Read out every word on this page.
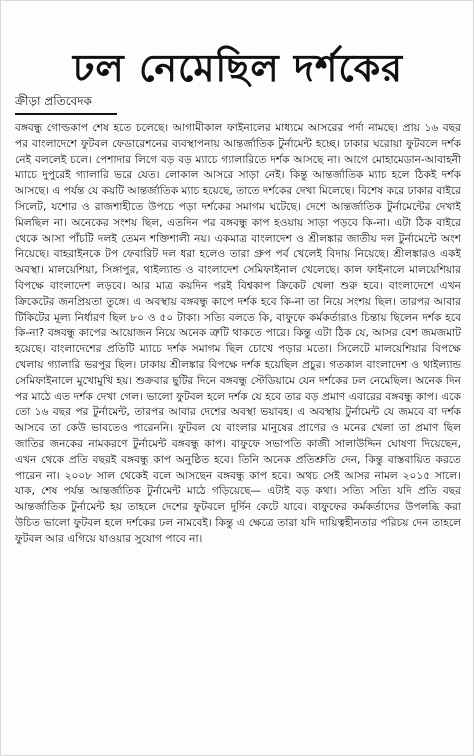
ঢল নেমেছিল দর্শকের
ক্রীড়া প্রতিবেদক

বঙ্গবন্ধু গোল্ডকাপ শেষ হতে চলেছে। আগামীকাল ফাইনালের মাধ্যমে আসরের পর্দা নামছে। প্রায় ১৬ বছর পর বাংলাদেশে ফুটবল ফেডারেশনের ব্যবস্থাপনায় আন্তর্জাতিক টুর্নামেন্ট হচ্ছে। ঢাকার ঘরোয়া ফুটবলে দর্শক নেই বললেই চলে। পেশাদার লিগে বড় বড় ম্যাচে গ্যালারিতে দর্শক আসছে না। আগে মোহামেডান-আবাহনী ম্যাচে দুপুরেই গ্যালারি ভরে যেত। লোকাল আসরে সাড়া নেই। কিন্তু আন্তর্জাতিক ম্যাচ হলে ঠিকই দর্শক আসছে। এ পর্যন্ত যে কয়টি আন্তর্জাতিক ম্যাচ হয়েছে, তাতে দর্শকের দেখা মিলেছে। বিশেষ করে ঢাকার বাইরে সিলেট, যশোর ও রাজশাহীতে উপচে পড়া দর্শকের সমাগম ঘটেছে। দেশে আন্তর্জাতিক টুর্নামেন্টের দেখাই মিলছিল না। অনেকের সংশয় ছিল, এতদিন পর বঙ্গবন্ধু কাপ হওয়ায় সাড়া পড়বে কি-না। এটা ঠিক বাইরে থেকে আসা পাঁচটি দলই তেমন শক্তিশালী নয়। একমাত্র বাংলাদেশ ও শ্রীলঙ্কার জাতীয় দল টুর্নামেন্টে অংশ নিয়েছে। বাহরাইনকে টপ ফেবারিট দল ধরা হলেও তারা গ্রুপ পর্ব খেলেই বিদায় নিয়েছে। শ্রীলঙ্কারও একই অবস্থা। মালয়েশিয়া, সিঙ্গাপুর, থাইল্যান্ড ও বাংলাদেশ সেমিফাইনাল খেলেছে। কাল ফাইনালে মালয়েশিয়ার বিপক্ষে বাংলাদেশ লড়বে। আর মাত্র কয়দিন পরই বিশ্বকাপ ক্রিকেট খেলা শুরু হবে। বাংলাদেশে এখন ক্রিকেটের জনপ্রিয়তা তুঙ্গে। এ অবস্থায় বঙ্গবন্ধু কাপে দর্শক হবে কি-না তা নিয়ে সংশয় ছিল। তারপর আবার টিকিটের মূল্য নির্ধারণ ছিল ৮০ ও ৫০ টাকা। সত্যি বলতে কি, বাফুফে কর্মকর্তারাও চিন্তায় ছিলেন দর্শক হবে কি-না? বঙ্গবন্ধু কাপের আয়োজন নিয়ে অনেক ত্রুটি থাকতে পারে। কিন্তু এটা ঠিক যে, আসর বেশ জমজমাট হয়েছে। বাংলাদেশের প্রতিটি ম্যাচে দর্শক সমাগম ছিল চোখে পড়ার মতো। সিলেটে মালয়েশিয়ার বিপক্ষে খেলায় গ্যালারি ভরপুর ছিল। ঢাকায় শ্রীলঙ্কার বিপক্ষে দর্শক হয়েছিল প্রচুর। গতকাল বাংলাদেশ ও থাইল্যান্ড সেমিফাইনালে মুখোমুখি হয়। শুক্রবার ছুটির দিনে বঙ্গবন্ধু স্টেডিয়ামে যেন দর্শকের ঢল নেমেছিল। অনেক দিন পর মাঠে এত দর্শক দেখা গেল। ভালো ফুটবল হলে দর্শক যে হবে তার বড় প্রমাণ এবারের বঙ্গবন্ধু কাপ। একে তো ১৬ বছর পর টুর্নামেন্ট, তারপর আবার দেশের অবস্থা ভয়াবহ। এ অবস্থায় টুর্নামেন্ট যে জমবে বা দর্শক আসবে তা কেউ ভাবতেও পারেননি। ফুটবল যে বাংলার মানুষের প্রাণের ও মনের খেলা তা প্রমাণ ছিল জাতির জনকের নামকরণে টুর্নামেন্ট বঙ্গবন্ধু কাপ। বাফুফে সভাপতি কাজী সালাউদ্দিন ঘোষণা দিয়েছেন, এখন থেকে প্রতি বছরই বঙ্গবন্ধু কাপ অনুষ্ঠিত হবে। তিনি অনেক প্রতিশ্রুতি দেন, কিন্তু বাস্তবায়িত করতে পারেন না। ২০০৮ সাল থেকেই বলে আসছেন বঙ্গবন্ধু কাপ হবে। অথচ সেই আসর নামল ২০১৫ সালে। যাক, শেষ পর্যন্ত আন্তর্জাতিক টুর্নামেন্ট মাঠে গড়িয়েছে— এটাই বড় কথা। সত্যি সত্যি যদি প্রতি বছর আন্তর্জাতিক টুর্নামেন্ট হয় তাহলে দেশের ফুটবলে দুর্দিন কেটে যাবে। বাফুফের কর্মকর্তাদের উপলব্ধি করা উচিত ভালো ফুটবল হলে দর্শকের ঢল নামবেই। কিন্তু এ ক্ষেত্রে তারা যদি দায়িত্বহীনতার পরিচয় দেন তাহলে ফুটবল আর এগিয়ে যাওয়ার সুযোগ পাবে না।
